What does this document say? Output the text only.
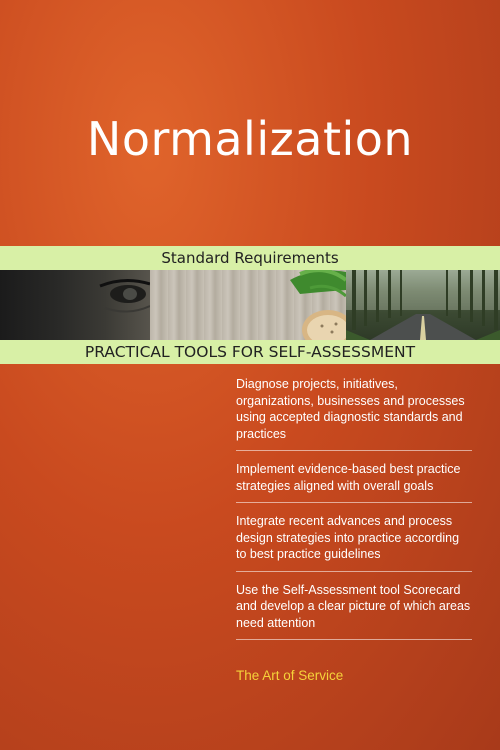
Normalization
Standard Requirements
PRACTICAL TOOLS FOR SELF-ASSESSMENT
Diagnose projects, initiatives, organizations, businesses and processes using accepted diagnostic standards and practices
Implement evidence-based best practice strategies aligned with overall goals
Integrate recent advances and process design strategies into practice according to best practice guidelines
Use the Self-Assessment tool Scorecard and develop a clear picture of which areas need attention
The Art of Service
